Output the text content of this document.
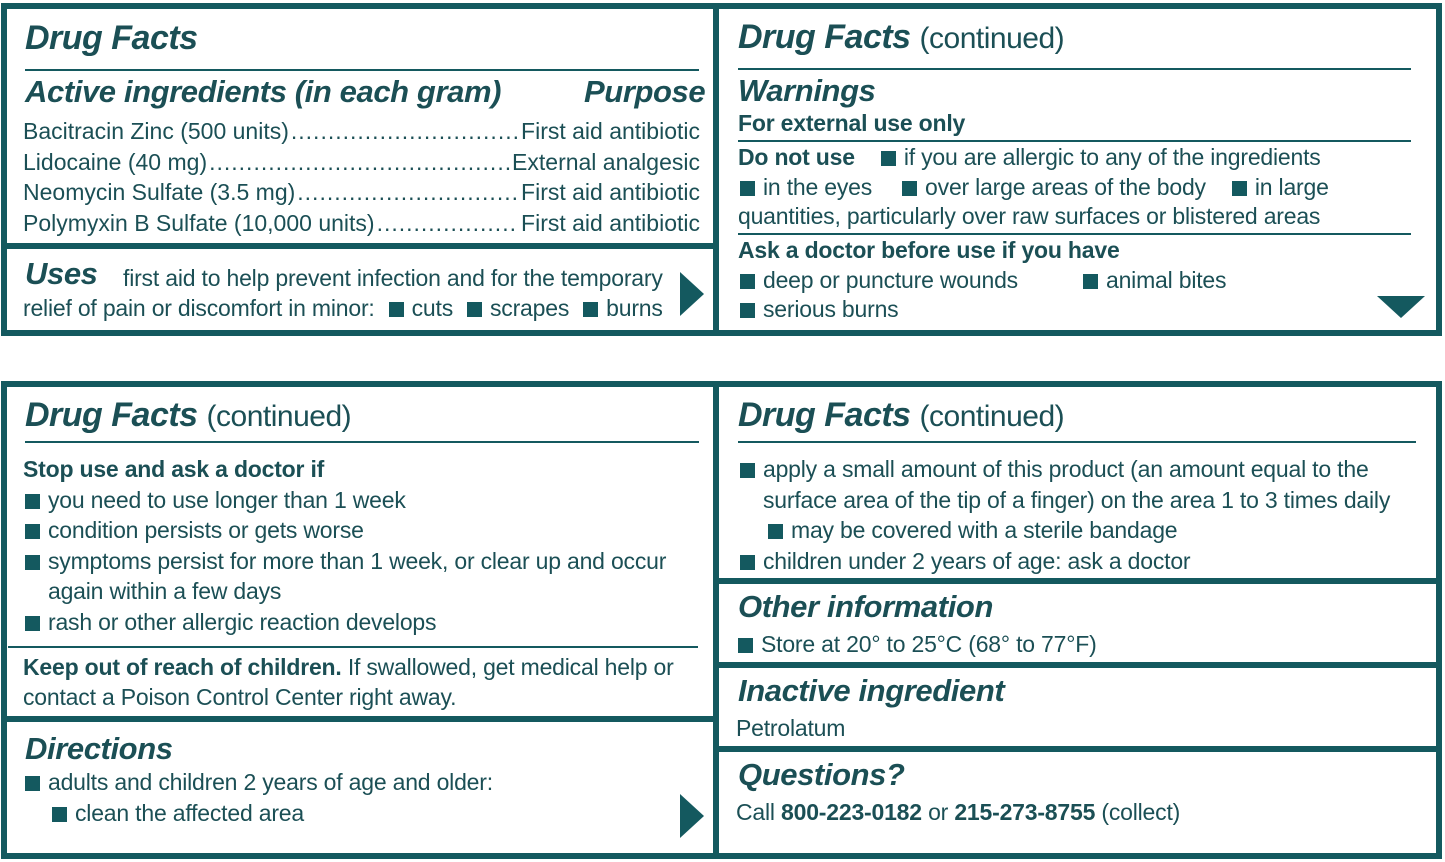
Drug Facts
Active ingredients (in each gram)	Purpose
Bacitracin Zinc (500 units) .....	First aid antibiotic
Lidocaine (40 mg) .....	External analgesic
Neomycin Sulfate (3.5 mg) .....	First aid antibiotic
Polymyxin B Sulfate (10,000 units) .....	First aid antibiotic
Uses first aid to help prevent infection and for the temporary
relief of pain or discomfort in minor: cuts scrapes burns
Drug Facts (continued)
Warnings
For external use only
Do not use if you are allergic to any of the ingredients
in the eyes over large areas of the body in large
quantities, particularly over raw surfaces or blistered areas
Ask a doctor before use if you have
deep or puncture wounds	animal bites
serious burns
Drug Facts (continued)
Stop use and ask a doctor if
you need to use longer than 1 week
condition persists or gets worse
symptoms persist for more than 1 week, or clear up and occur
again within a few days
rash or other allergic reaction develops
Keep out of reach of children. If swallowed, get medical help or
contact a Poison Control Center right away.
Directions
adults and children 2 years of age and older:
clean the affected area
Drug Facts (continued)
apply a small amount of this product (an amount equal to the
surface area of the tip of a finger) on the area 1 to 3 times daily
may be covered with a sterile bandage
children under 2 years of age: ask a doctor
Other information
Store at 20° to 25°C (68° to 77°F)
Inactive ingredient
Petrolatum
Questions?
Call 800-223-0182 or 215-273-8755 (collect)
